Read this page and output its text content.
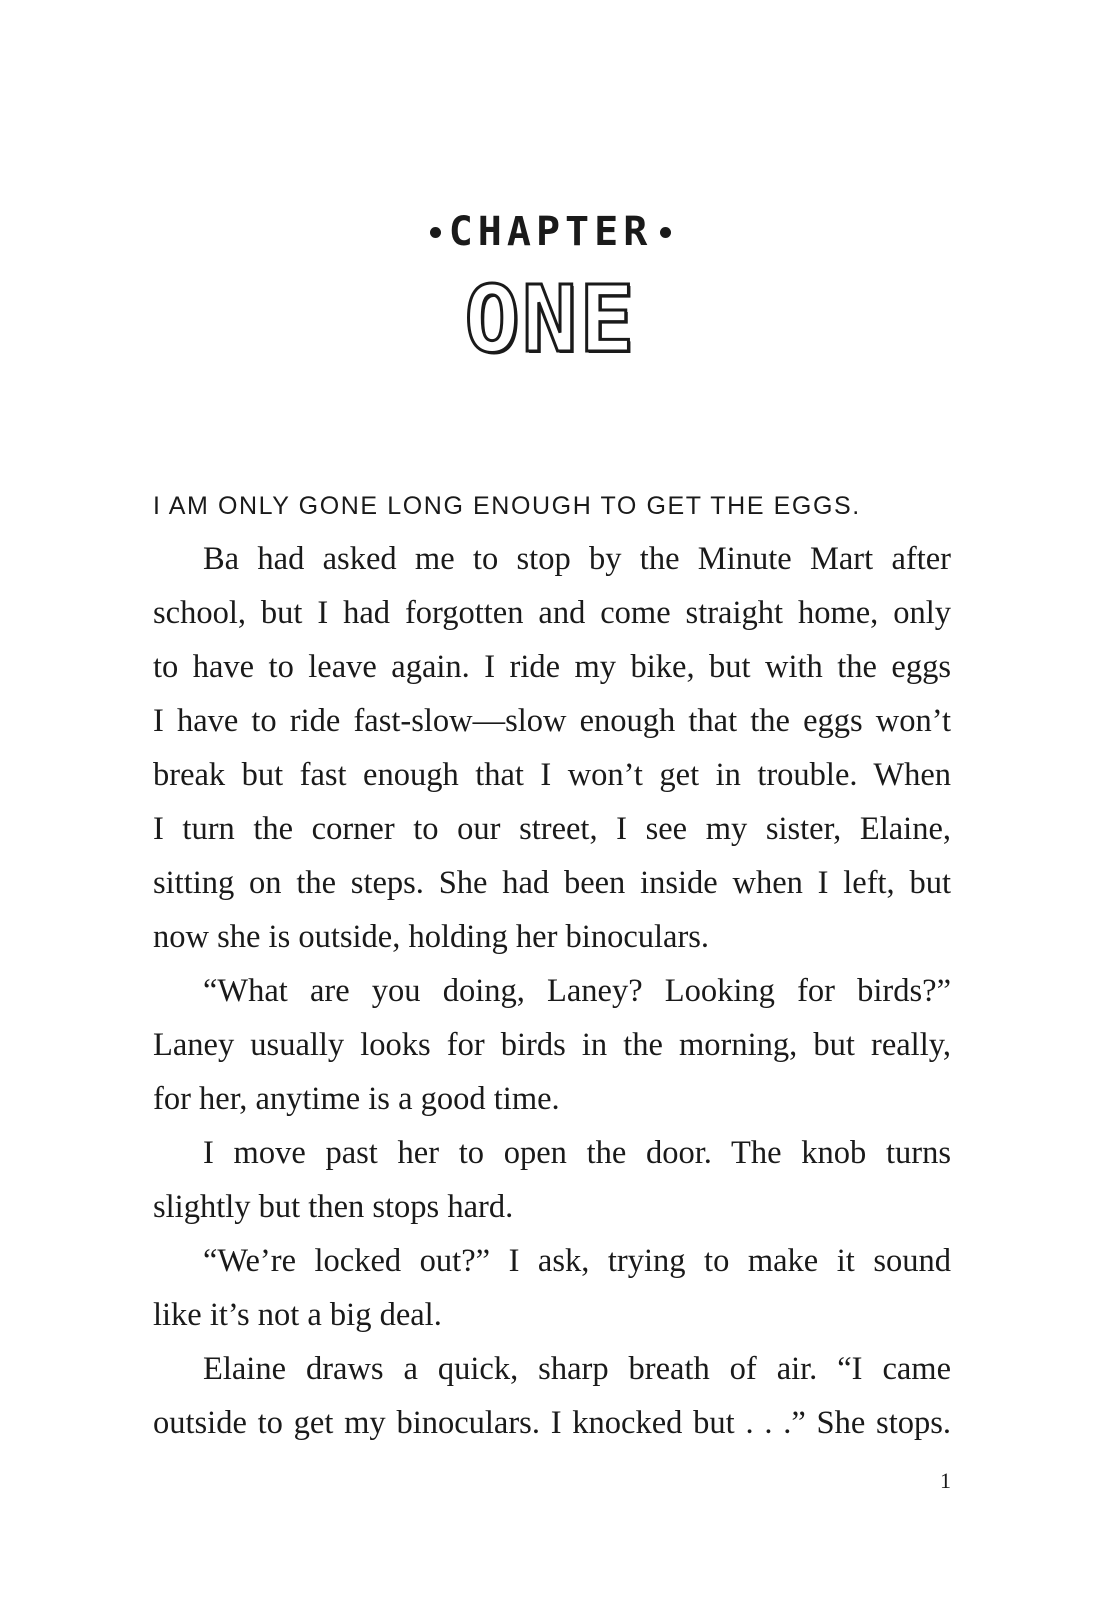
CHAPTER
ONE
I AM ONLY GONE LONG ENOUGH TO GET THE EGGS.
Ba had asked me to stop by the Minute Mart after
school, but I had forgotten and come straight home, only
to have to leave again. I ride my bike, but with the eggs
I have to ride fast-slow—slow enough that the eggs won’t
break but fast enough that I won’t get in trouble. When
I turn the corner to our street, I see my sister, Elaine,
sitting on the steps. She had been inside when I left, but
now she is outside, holding her binoculars.
“What are you doing, Laney? Looking for birds?”
Laney usually looks for birds in the morning, but really,
for her, anytime is a good time.
I move past her to open the door. The knob turns
slightly but then stops hard.
“We’re locked out?” I ask, trying to make it sound
like it’s not a big deal.
Elaine draws a quick, sharp breath of air. “I came
outside to get my binoculars. I knocked but . . .” She stops.
1
